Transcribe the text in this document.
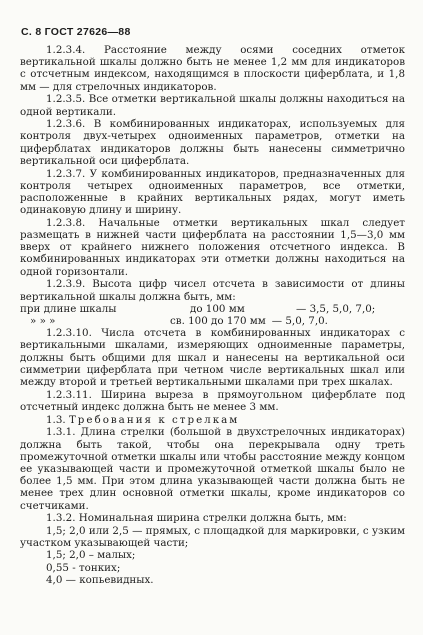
С. 8 ГОСТ 27626—88

1.2.3.4. Расстояние между осями соседних отметок вертикальной шкалы должно быть не менее 1,2 мм для индикаторов с отсчетным индексом, находящимся в плоскости циферблата, и 1,8 мм — для стрелочных индикаторов.

1.2.3.5. Все отметки вертикальной шкалы должны находиться на одной вертикали.

1.2.3.6. В комбинированных индикаторах, используемых для контроля двух-четырех одноименных параметров, отметки на циферблатах индикаторов должны быть нанесены симметрично вертикальной оси циферблата.

1.2.3.7. У комбинированных индикаторов, предназначенных для контроля четырех одноименных параметров, все отметки, расположенные в крайних вертикальных рядах, могут иметь одинаковую длину и ширину.

1.2.3.8. Начальные отметки вертикальных шкал следует размещать в нижней части циферблата на расстоянии 1,5—3,0 мм вверх от крайнего нижнего положения отсчетного индекса. В комбинированных индикаторах эти отметки должны находиться на одной горизонтали.

1.2.3.9. Высота цифр чисел отсчета в зависимости от длины вертикальной шкалы должна быть, мм:

при длине шкалы	до 100 мм	— 3,5, 5,0, 7,0;
» » »	св. 100 до 170 мм — 5,0, 7,0.

1.2.3.10. Числа отсчета в комбинированных индикаторах с вертикальными шкалами, измеряющих одноименные параметры, должны быть общими для шкал и нанесены на вертикальной оси симметрии циферблата при четном числе вертикальных шкал или между второй и третьей вертикальными шкалами при трех шкалах.

1.2.3.11. Ширина выреза в прямоугольном циферблате под отсчетный индекс должна быть не менее 3 мм.

1.3. Требования к стрелкам

1.3.1. Длина стрелки (большой в двухстрелочных индикаторах) должна быть такой, чтобы она перекрывала одну треть промежуточной отметки шкалы или чтобы расстояние между концом ее указывающей части и промежуточной отметкой шкалы было не более 1,5 мм. При этом длина указывающей части должна быть не менее трех длин основной отметки шкалы, кроме индикаторов со счетчиками.

1.3.2. Номинальная ширина стрелки должна быть, мм:

1,5; 2,0 или 2,5 — прямых, с площадкой для маркировки, с узким участком указывающей части;

1,5; 2,0 – малых;
0,55 - тонких;
4,0 — копьевидных.
